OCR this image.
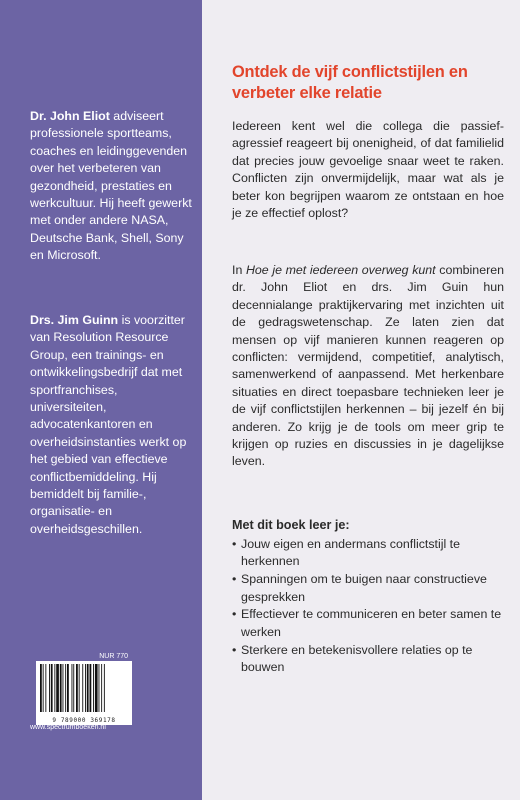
Dr. John Eliot adviseert professionele sportteams, coaches en leidinggevenden over het verbeteren van gezondheid, prestaties en werkcultuur. Hij heeft gewerkt met onder andere NASA, Deutsche Bank, Shell, Sony en Microsoft.

Drs. Jim Guinn is voorzitter van Resolution Resource Group, een trainings- en ontwikkelingsbedrijf dat met sportfranchises, universiteiten, advocatenkantoren en overheidsinstanties werkt op het gebied van effectieve conflictbemiddeling. Hij bemiddelt bij familie-, organisatie- en overheidsgeschillen.

NUR 770
9 789000 369178
www.spectrumboeken.nl
Ontdek de vijf conflictstijlen en verbeter elke relatie

Iedereen kent wel die collega die passief-agressief reageert bij onenigheid, of dat familielid dat precies jouw gevoelige snaar weet te raken. Conflicten zijn onvermijdelijk, maar wat als je beter kon begrijpen waarom ze ontstaan en hoe je ze effectief oplost?

In Hoe je met iedereen overweg kunt combineren dr. John Eliot en drs. Jim Guin hun decennialange praktijkervaring met inzichten uit de gedragswetenschap. Ze laten zien dat mensen op vijf manieren kunnen reageren op conflicten: vermijdend, competitief, analytisch, samenwerkend of aanpassend. Met herkenbare situaties en direct toepasbare technieken leer je de vijf conflictstijlen herkennen – bij jezelf én bij anderen. Zo krijg je de tools om meer grip te krijgen op ruzies en discussies in je dagelijkse leven.

Met dit boek leer je:

• Jouw eigen en andermans conflictstijl te herkennen
• Spanningen om te buigen naar constructieve gesprekken
• Effectiever te communiceren en beter samen te werken
• Sterkere en betekenisvollere relaties op te bouwen
